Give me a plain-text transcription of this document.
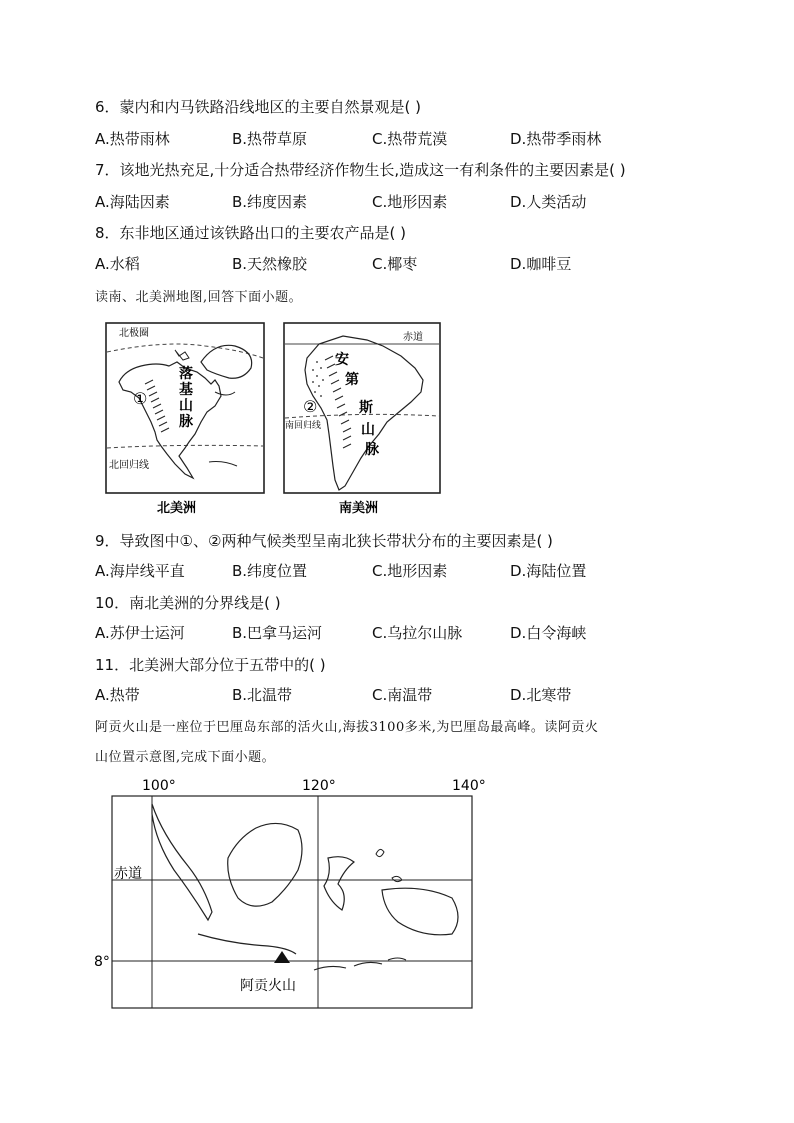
6．蒙内和内马铁路沿线地区的主要自然景观是( )
A.热带雨林	B.热带草原	C.热带荒漠	D.热带季雨林
7．该地光热充足,十分适合热带经济作物生长,造成这一有利条件的主要因素是( )
A.海陆因素	B.纬度因素	C.地形因素	D.人类活动
8．东非地区通过该铁路出口的主要农产品是( )
A.水稻	B.天然橡胶	C.椰枣	D.咖啡豆
读南、北美洲地图,回答下面小题。
北极圈
北回归线
①
落
基
山
脉
北美洲
赤道
南回归线
②
安
第
斯
山
脉
南美洲
9．导致图中①、②两种气候类型呈南北狭长带状分布的主要因素是( )
A.海岸线平直	B.纬度位置	C.地形因素	D.海陆位置
10．南北美洲的分界线是( )
A.苏伊士运河	B.巴拿马运河	C.乌拉尔山脉	D.白令海峡
11．北美洲大部分位于五带中的( )
A.热带	B.北温带	C.南温带	D.北寒带
阿贡火山是一座位于巴厘岛东部的活火山,海拔3100多米,为巴厘岛最高峰。读阿贡火
山位置示意图,完成下面小题。
100°	120°	140°
赤道
8°
阿贡火山
